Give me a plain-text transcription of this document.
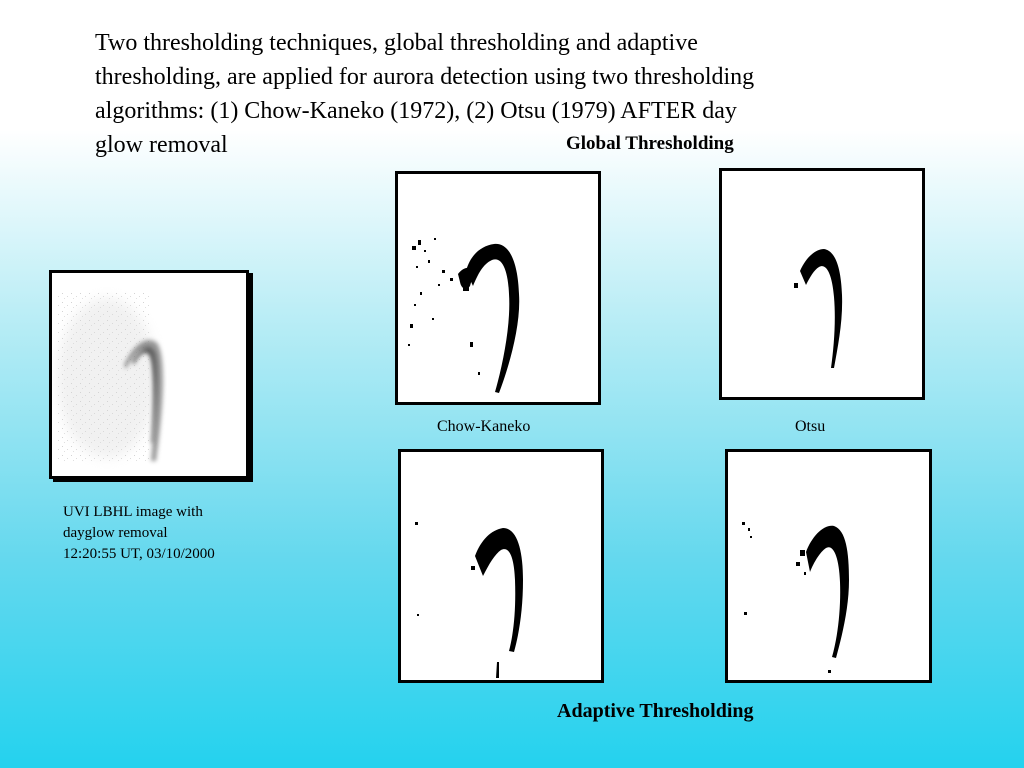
Two thresholding techniques, global thresholding and adaptive
thresholding, are applied for aurora detection using two thresholding
algorithms: (1) Chow-Kaneko (1972), (2) Otsu (1979) AFTER day
glow removal	Global Thresholding
UVI LBHL image with
dayglow removal
12:20:55 UT, 03/10/2000
Chow-Kaneko	Otsu
Adaptive Thresholding
